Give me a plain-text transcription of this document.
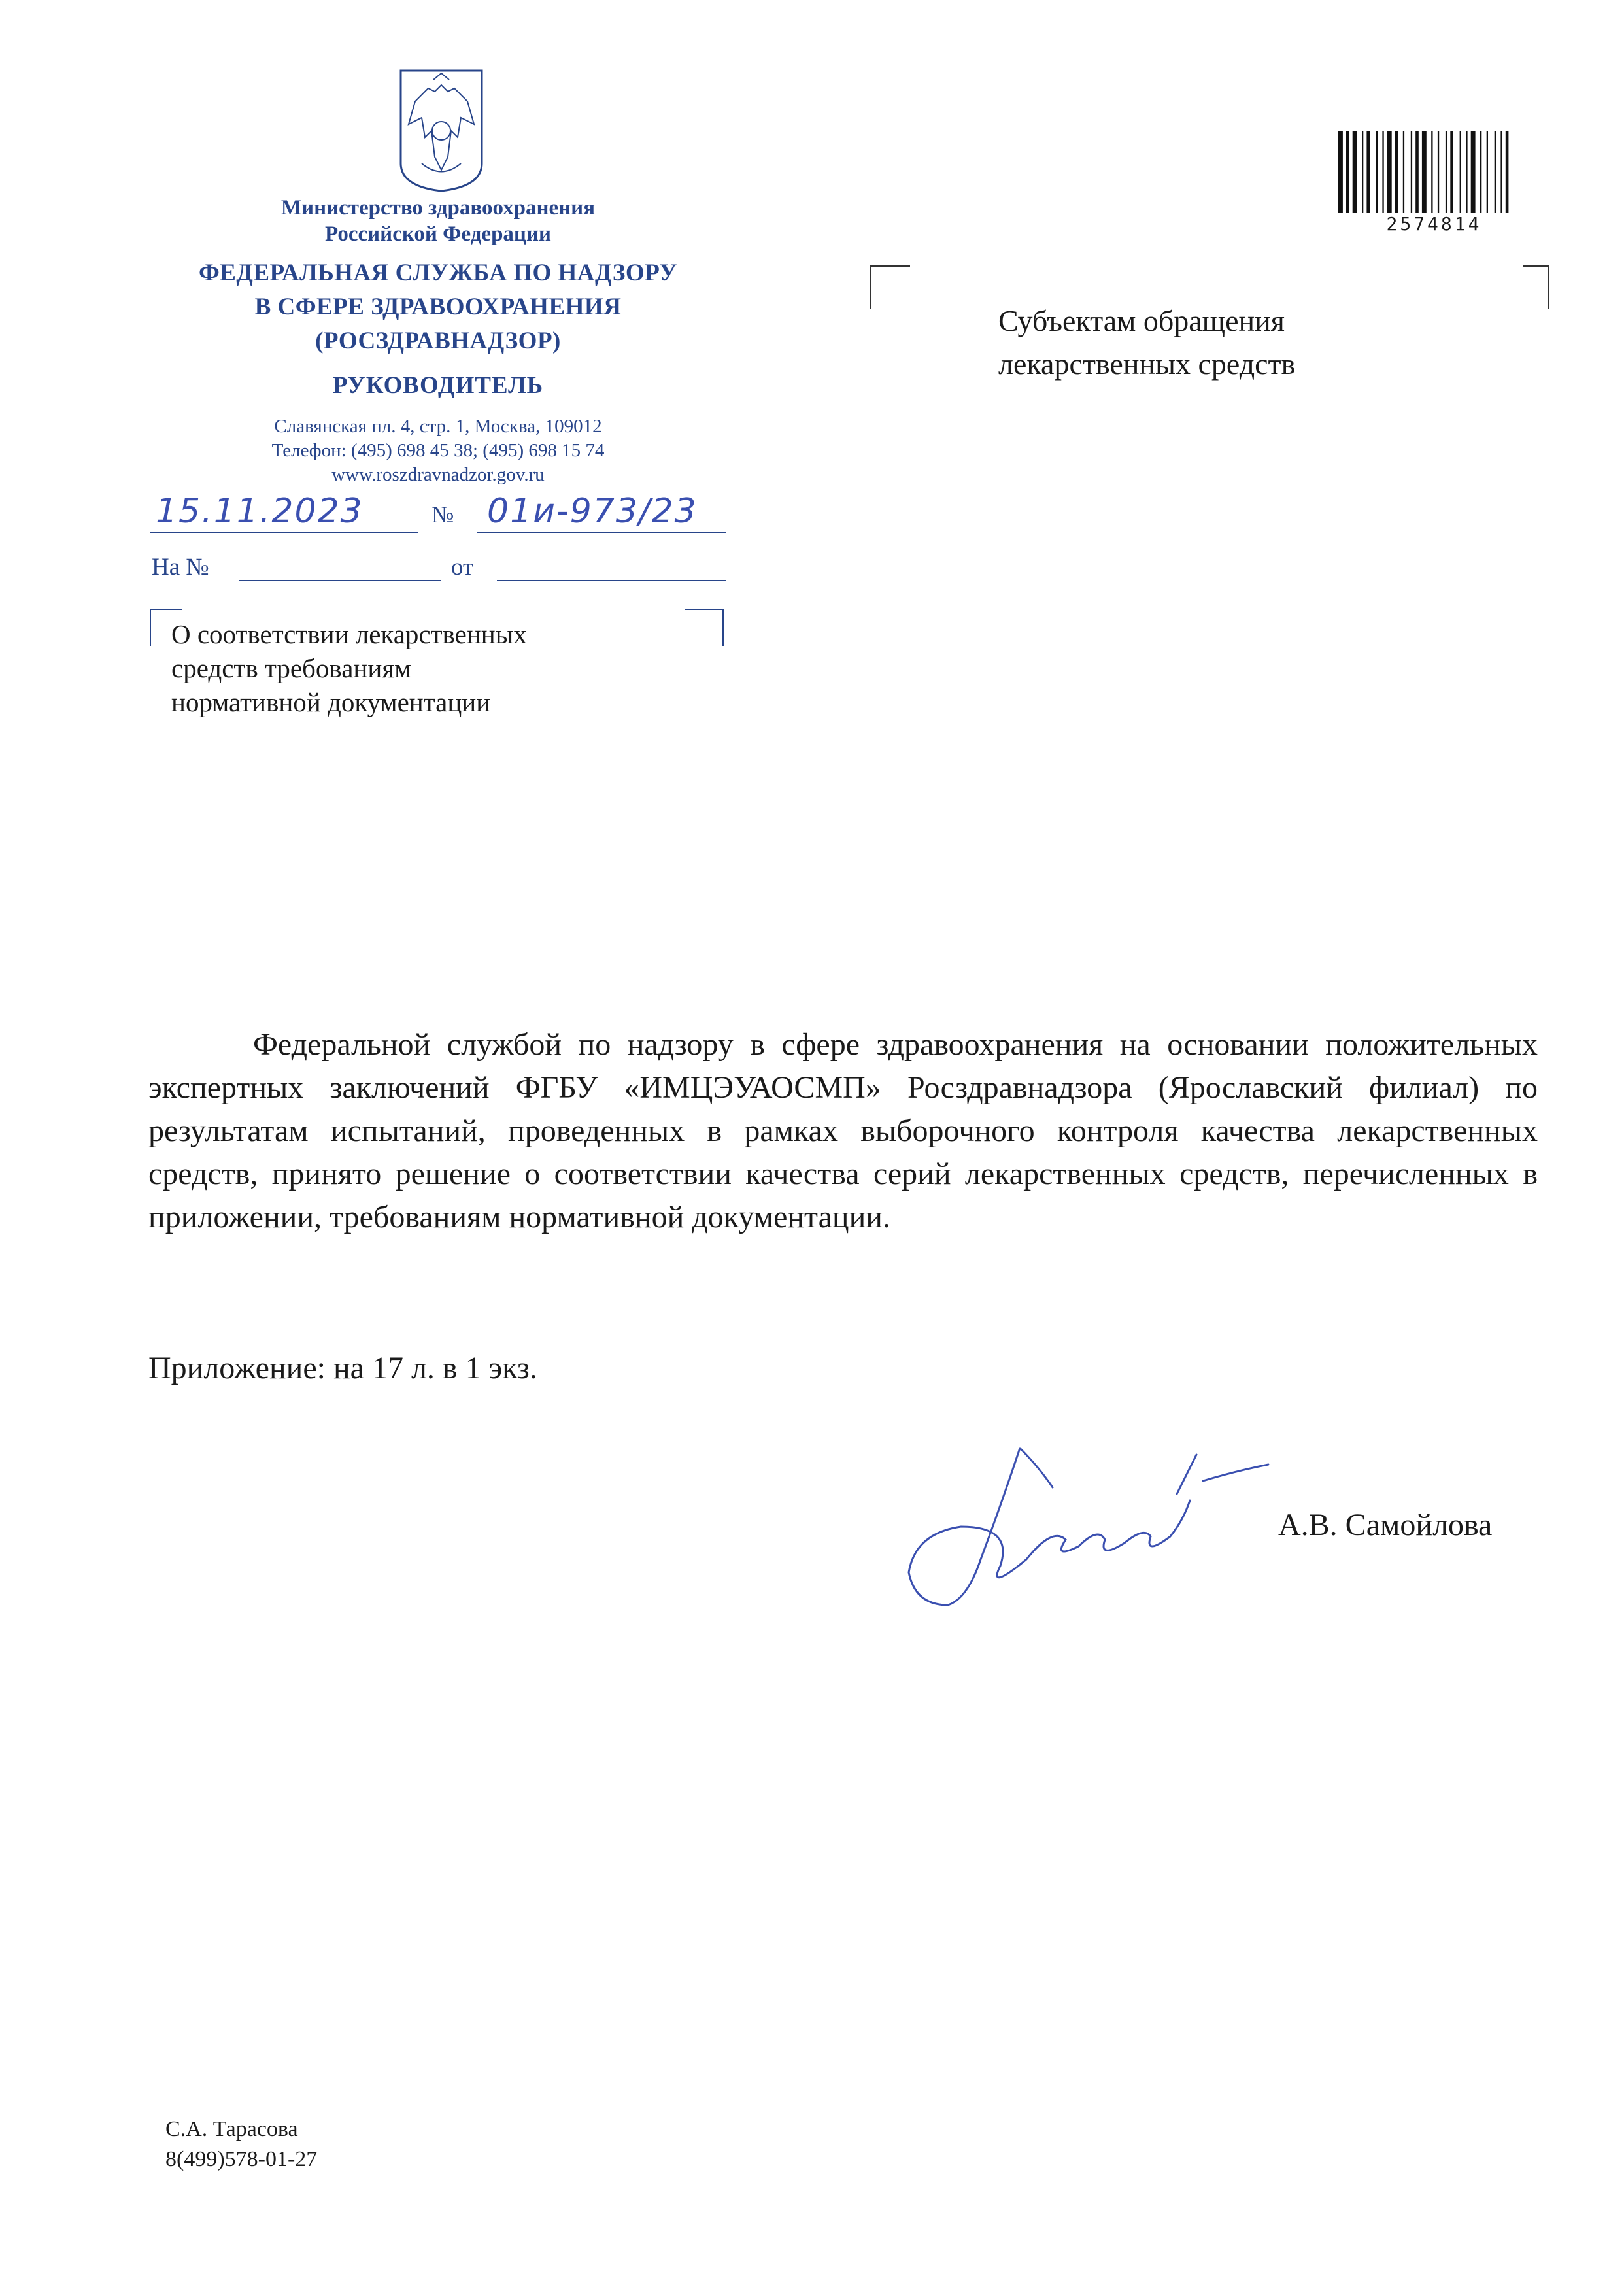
Министерство здравоохранения
Российской Федерации
ФЕДЕРАЛЬНАЯ СЛУЖБА ПО НАДЗОРУ
В СФЕРЕ ЗДРАВООХРАНЕНИЯ
(РОСЗДРАВНАДЗОР)
РУКОВОДИТЕЛЬ
Славянская пл. 4, стр. 1, Москва, 109012
Телефон: (495) 698 45 38; (495) 698 15 74
www.roszdravnadzor.gov.ru
15.11.2023	№ 01и-973/23
На №	от
О соответствии лекарственных
средств требованиям
нормативной документации
2574814
Субъектам обращения
лекарственных средств
Федеральной службой по надзору в сфере здравоохранения на основании положительных экспертных заключений ФГБУ «ИМЦЭУАОСМП» Росздравнадзора (Ярославский филиал) по результатам испытаний, проведенных в рамках выборочного контроля качества лекарственных средств, принято решение о соответствии качества серий лекарственных средств, перечисленных в приложении, требованиям нормативной документации.
Приложение: на 17 л. в 1 экз.
А.В. Самойлова
С.А. Тарасова
8(499)578-01-27
